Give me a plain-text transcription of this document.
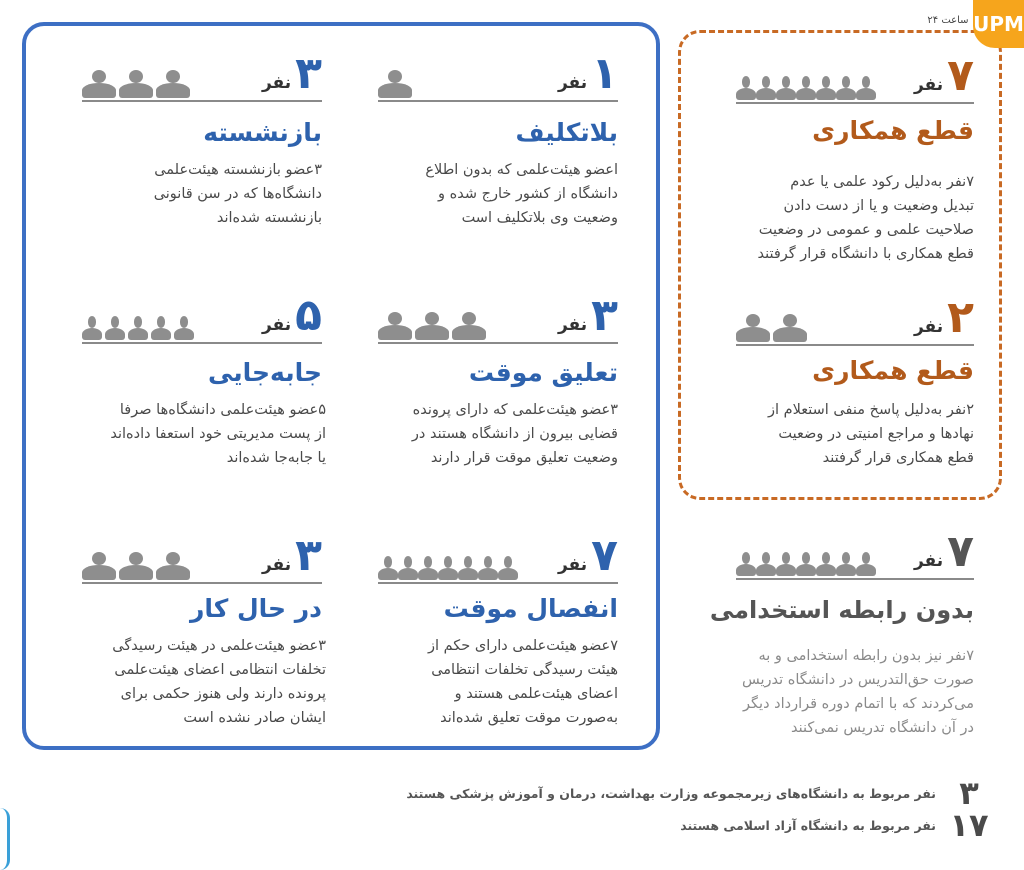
ساعت ۲۴ UPM
۱
نفر
بلاتکلیف
اعضو هیئت‌علمی که بدون اطلاع
دانشگاه از کشور خارج شده و
وضعیت وی بلاتکلیف است
۳
نفر
بازنشسته
۳عضو بازنشسته هیئت‌علمی
دانشگاه‌ها که در سن قانونی
بازنشسته شده‌اند
۳
نفر
تعلیق موقت
۳عضو هیئت‌علمی که دارای پرونده
قضایی بیرون از دانشگاه هستند در
وضعیت تعلیق موقت قرار دارند
۵
نفر
جابه‌جایی
۵عضو هیئت‌علمی دانشگاه‌ها صرفا
از پست مدیریتی خود استعفا داده‌اند
یا جابه‌جا شده‌اند
۷
نفر
انفصال موقت
۷عضو هیئت‌علمی دارای حکم از
هیئت رسیدگی تخلفات انتظامی
اعضای هیئت‌علمی هستند و
به‌صورت موقت تعلیق شده‌اند
۳
نفر
در حال کار
۳عضو هیئت‌علمی در هیئت رسیدگی
تخلفات انتظامی اعضای هیئت‌علمی
پرونده دارند ولی هنوز حکمی برای
ایشان صادر نشده است
۷
نفر
قطع همکاری
۷نفر به‌دلیل رکود علمی یا عدم
تبدیل وضعیت و یا از دست دادن
صلاحیت علمی و عمومی در وضعیت
قطع همکاری با دانشگاه قرار گرفتند
۲
نفر
قطع همکاری
۲نفر به‌دلیل پاسخ منفی استعلام از
نهادها و مراجع امنیتی در وضعیت
قطع همکاری قرار گرفتند
۷
نفر
بدون رابطه استخدامی
۷نفر نیز بدون رابطه استخدامی و به
صورت حق‌التدریس در دانشگاه تدریس
می‌کردند که با اتمام دوره قرارداد دیگر
در آن دانشگاه تدریس نمی‌کنند
۳
نفر مربوط به دانشگاه‌های زیرمجموعه وزارت بهداشت، درمان و آموزش پزشکی هستند
۱۷
نفر مربوط به دانشگاه آزاد اسلامی هستند
